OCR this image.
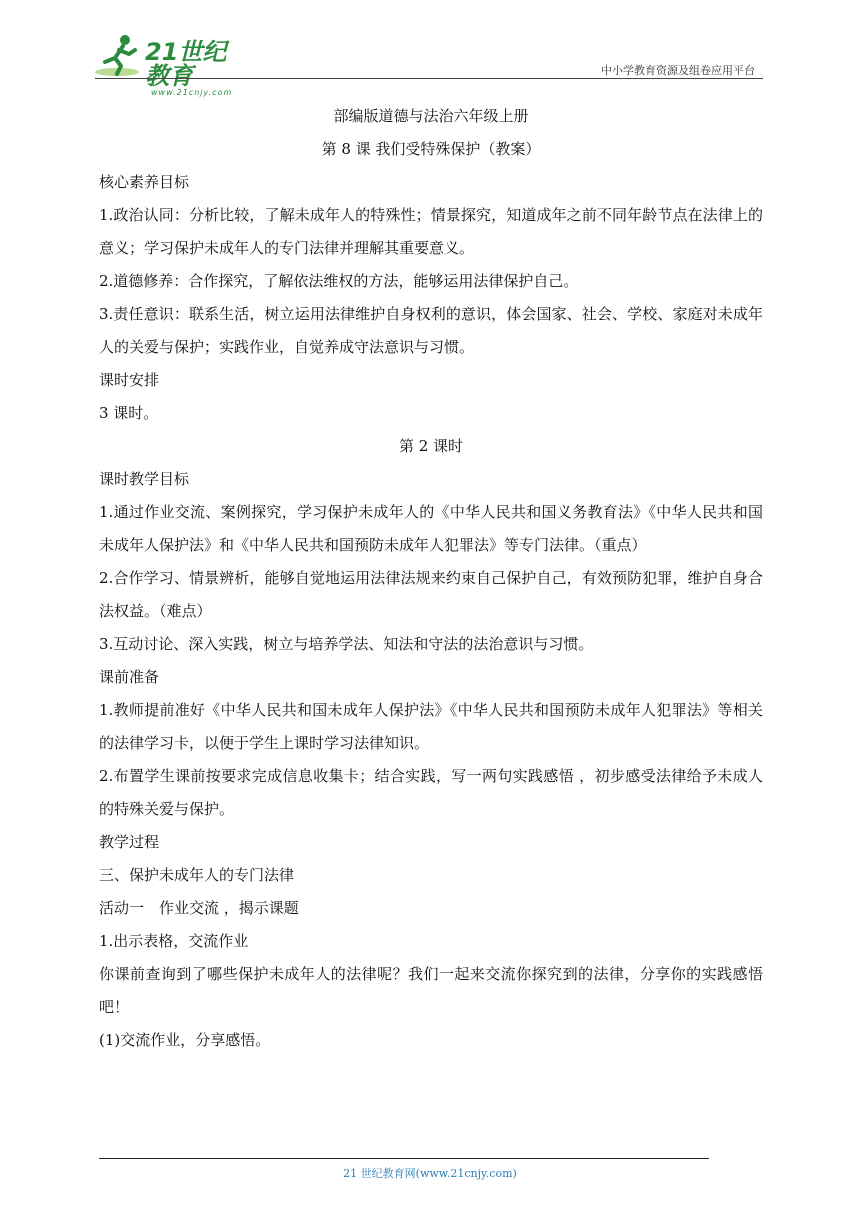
21世纪教育
www.21cnjy.com
中小学教育资源及组卷应用平台

部编版道德与法治六年级上册

第 8 课 我们受特殊保护（教案）

核心素养目标

1.政治认同：分析比较，了解未成年人的特殊性；情景探究，知道成年之前不同年龄节点在法律上的意义；学习保护未成年人的专门法律并理解其重要意义。

2.道德修养：合作探究，了解依法维权的方法，能够运用法律保护自己。

3.责任意识：联系生活，树立运用法律维护自身权利的意识，体会国家、社会、学校、家庭对未成年人的关爱与保护；实践作业，自觉养成守法意识与习惯。

课时安排

3 课时。

第 2 课时

课时教学目标

1.通过作业交流、案例探究，学习保护未成年人的《中华人民共和国义务教育法》《中华人民共和国未成年人保护法》和《中华人民共和国预防未成年人犯罪法》等专门法律。（重点）

2.合作学习、情景辨析，能够自觉地运用法律法规来约束自己保护自己，有效预防犯罪，维护自身合法权益。（难点）

3.互动讨论、深入实践，树立与培养学法、知法和守法的法治意识与习惯。

课前准备

1.教师提前准好《中华人民共和国未成年人保护法》《中华人民共和国预防未成年人犯罪法》等相关的法律学习卡，以便于学生上课时学习法律知识。

2.布置学生课前按要求完成信息收集卡；结合实践，写一两句实践感悟 ，初步感受法律给予未成人的特殊关爱与保护。

教学过程

三、保护未成年人的专门法律

活动一　作业交流 ，揭示课题

1.出示表格，交流作业

你课前查询到了哪些保护未成年人的法律呢？我们一起来交流你探究到的法律，分享你的实践感悟吧！

(1)交流作业，分享感悟。

21 世纪教育网(www.21cnjy.com)
